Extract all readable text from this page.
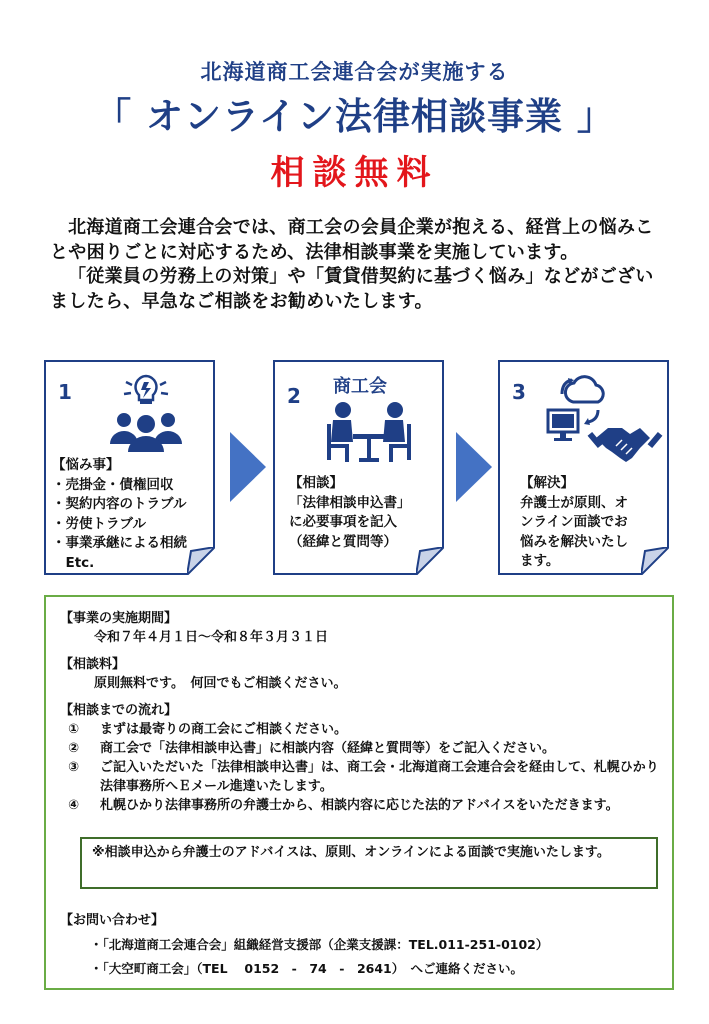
北海道商工会連合会が実施する
「 オンライン法律相談事業 」
相談無料

北海道商工会連合会では、商工会の会員企業が抱える、経営上の悩みことや困りごとに対応するため、法律相談事業を実施しています。

「従業員の労務上の対策」や「賃貸借契約に基づく悩み」などがございましたら、早急なご相談をお勧めいたします。

1
【悩み事】
・売掛金・債権回収
・契約内容のトラブル
・労使トラブル
・事業承継による相続
　Etc.
2 商工会
【相談】
「法律相談申込書」
に必要事項を記入
（経緯と質問等）
3
【解決】
弁護士が原則、オ
ンライン面談でお
悩みを解決いたし
ます。
【事業の実施期間】
令和７年４月１日～令和８年３月３１日
【相談料】
原則無料です。　何回でもご相談ください。
【相談までの流れ】
① まずは最寄りの商工会にご相談ください。
② 商工会で「法律相談申込書」に相談内容（経緯と質問等）をご記入ください。
③ ご記入いただいた「法律相談申込書」は、商工会・北海道商工会連合会を経由して、札幌ひかり法律事務所へＥメール進達いたします。
④ 札幌ひかり法律事務所の弁護士から、相談内容に応じた法的アドバイスをいただきます。
※相談申込から弁護士のアドバイスは、原則、オンラインによる面談で実施いたします。
【お問い合わせ】
・「北海道商工会連合会」組織経営支援部（企業支援課：TEL.011-251-0102）
・「大空町商工会」（TEL　 0152　-　74　-　2641）　へご連絡ください。
